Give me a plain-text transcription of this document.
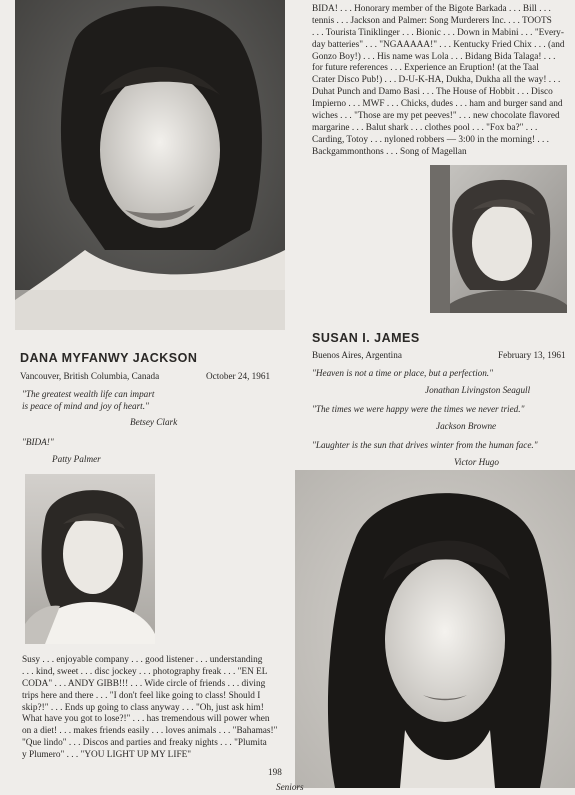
BIDA! . . . Honorary member of the Bigote Barkada . . . Bill . . .
tennis . . . Jackson and Palmer: Song Murderers Inc. . . . TOOTS
. . . Tourista Tiniklinger . . . Bionic . . . Down in Mabini . . . "Every-
day batteries" . . . "NGAAAAA!" . . . Kentucky Fried Chix . . . (and
Gonzo Boy!) . . . His name was Lola . . . Bidang Bida Talaga! . . .
for future references . . . Experience an Eruption! (at the Taal
Crater Disco Pub!) . . . D-U-K-HA, Dukha, Dukha all the way! . . .
Duhat Punch and Damo Basi . . . The House of Hobbit . . . Disco
Impierno . . . MWF . . . Chicks, dudes . . . ham and burger sand and
wiches . . . "Those are my pet peeves!" . . . new chocolate flavored
margarine . . . Balut shark . . . clothes pool . . . "Fox ba?" . . .
Carding, Totoy . . . nyloned robbers — 3:00 in the morning! . . .
Backgammonthons . . . Song of Magellan
DANA MYFANWY JACKSON
Vancouver, British Columbia, Canada	October 24, 1961
"The greatest wealth life can impart
is peace of mind and joy of heart."
Betsey Clark
"BIDA!"
Patty Palmer
SUSAN I. JAMES
Buenos Aires, Argentina	February 13, 1961
"Heaven is not a time or place, but a perfection."
Jonathan Livingston Seagull
"The times we were happy were the times we never tried."
Jackson Browne
"Laughter is the sun that drives winter from the human face."
Victor Hugo
Susy . . . enjoyable company . . . good listener . . . understanding
. . . kind, sweet . . . disc jockey . . . photography freak . . . "EN EL
CODA" . . . ANDY GIBB!!! . . . Wide circle of friends . . . diving
trips here and there . . . "I don't feel like going to class! Should I
skip?!" . . . Ends up going to class anyway . . . "Oh, just ask him!
What have you got to lose?!" . . . has tremendous will power when
on a diet! . . . makes friends easily . . . loves animals . . . "Bahamas!"
"Que lindo" . . . Discos and parties and freaky nights . . . "Plumita
y Plumero" . . . "YOU LIGHT UP MY LIFE"
198
Seniors
